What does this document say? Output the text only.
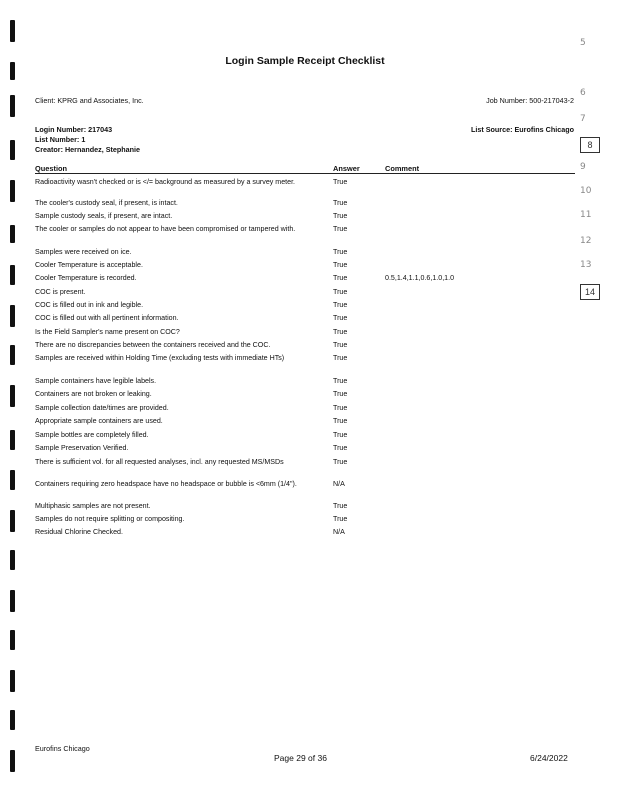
5
6
7
8
9
10
11
12
13
14
Login Sample Receipt Checklist
Client: KPRG and Associates, Inc.	Job Number: 500-217043-2
Login Number: 217043
List Number: 1
Creator: Hernandez, Stephanie
List Source: Eurofins Chicago
Question	Answer	Comment
Radioactivity wasn't checked or is </= background as measured by a survey meter.	True
The cooler's custody seal, if present, is intact.	True
Sample custody seals, if present, are intact.	True
The cooler or samples do not appear to have been compromised or tampered with.	True
Samples were received on ice.	True
Cooler Temperature is acceptable.	True
Cooler Temperature is recorded.	True	0.5,1.4,1.1,0.6,1.0,1.0
COC is present.	True
COC is filled out in ink and legible.	True
COC is filled out with all pertinent information.	True
Is the Field Sampler's name present on COC?	True
There are no discrepancies between the containers received and the COC.	True
Samples are received within Holding Time (excluding tests with immediate HTs)	True
Sample containers have legible labels.	True
Containers are not broken or leaking.	True
Sample collection date/times are provided.	True
Appropriate sample containers are used.	True
Sample bottles are completely filled.	True
Sample Preservation Verified.	True
There is sufficient vol. for all requested analyses, incl. any requested MS/MSDs	True
Containers requiring zero headspace have no headspace or bubble is <6mm (1/4").	N/A
Multiphasic samples are not present.	True
Samples do not require splitting or compositing.	True
Residual Chlorine Checked.	N/A
Eurofins Chicago
Page 29 of 36	6/24/2022
